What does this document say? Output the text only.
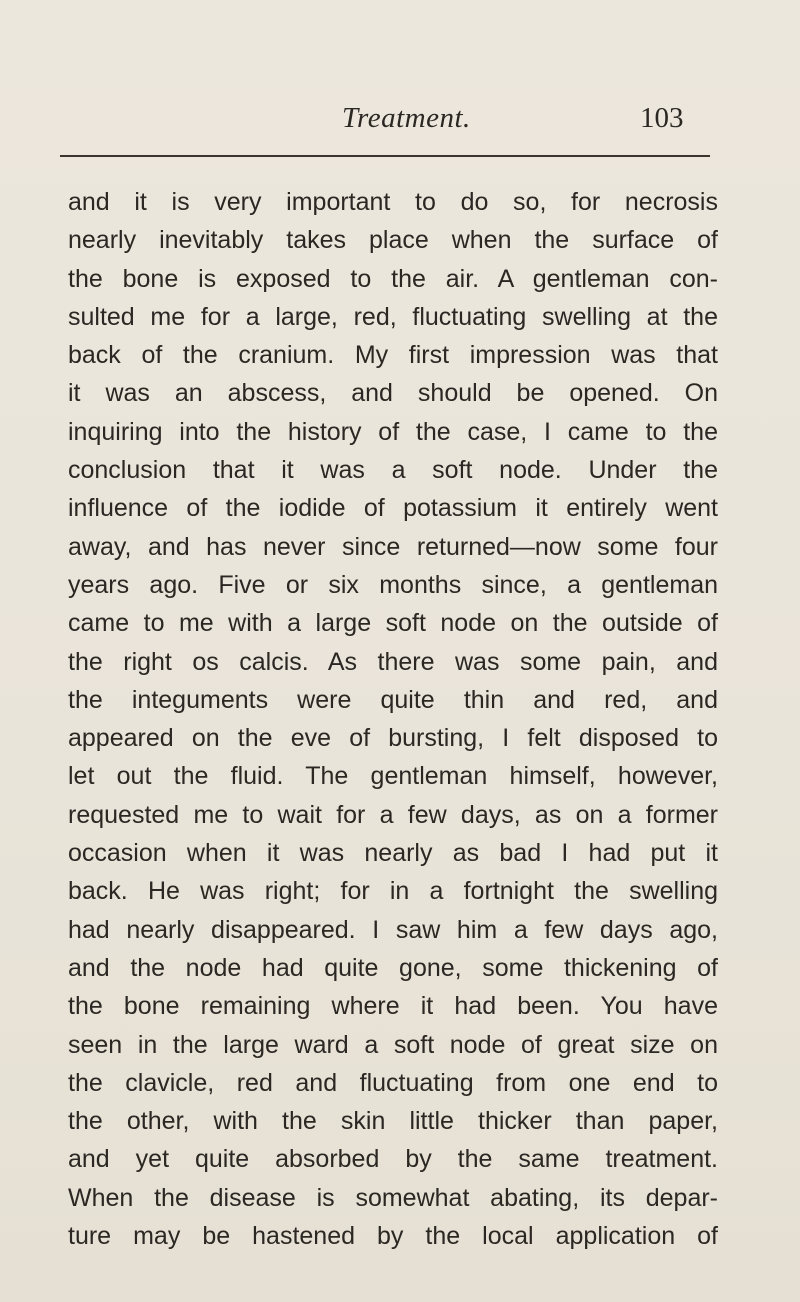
Treatment.	103
and it is very important to do so, for necrosis
nearly inevitably takes place when the surface of
the bone is exposed to the air. A gentleman con-
sulted me for a large, red, fluctuating swelling at the
back of the cranium. My first impression was that
it was an abscess, and should be opened. On
inquiring into the history of the case, I came to the
conclusion that it was a soft node. Under the
influence of the iodide of potassium it entirely went
away, and has never since returned—now some four
years ago. Five or six months since, a gentleman
came to me with a large soft node on the outside of
the right os calcis. As there was some pain, and
the integuments were quite thin and red, and
appeared on the eve of bursting, I felt disposed to
let out the fluid. The gentleman himself, however,
requested me to wait for a few days, as on a former
occasion when it was nearly as bad I had put it
back. He was right; for in a fortnight the swelling
had nearly disappeared. I saw him a few days ago,
and the node had quite gone, some thickening of
the bone remaining where it had been. You have
seen in the large ward a soft node of great size on
the clavicle, red and fluctuating from one end to
the other, with the skin little thicker than paper,
and yet quite absorbed by the same treatment.
When the disease is somewhat abating, its depar-
ture may be hastened by the local application of
